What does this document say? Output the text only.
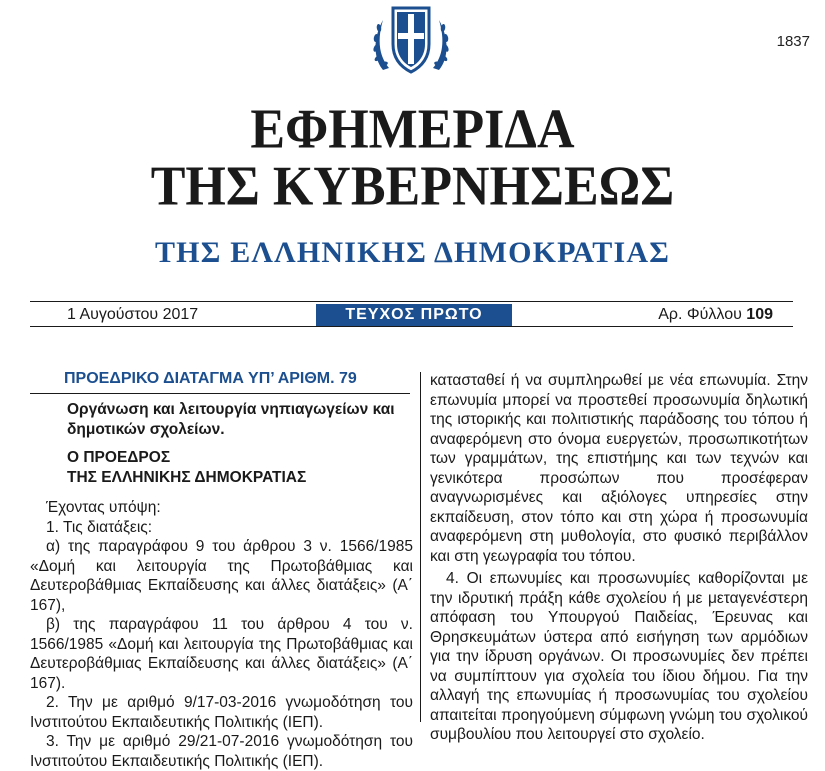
1837
ΕΦΗΜΕΡΙΔΑ
ΤΗΣ ΚΥΒΕΡΝΗΣΕΩΣ
ΤΗΣ ΕΛΛΗΝΙΚΗΣ ΔΗΜΟΚΡΑΤΙΑΣ
1 Αυγούστου 2017	ΤΕΥΧΟΣ ΠΡΩΤΟ	Αρ. Φύλλου 109
ΠΡΟΕΔΡΙΚΟ ΔΙΑΤΑΓΜΑ ΥΠ’ ΑΡΙΘΜ. 79
Οργάνωση και λειτουργία νηπιαγωγείων και δημοτικών σχολείων.
Ο ΠΡΟΕΔΡΟΣ
ΤΗΣ ΕΛΛΗΝΙΚΗΣ ΔΗΜΟΚΡΑΤΙΑΣ

Έχοντας υπόψη:

1. Τις διατάξεις:

α) της παραγράφου 9 του άρθρου 3 ν. 1566/1985 «Δομή και λειτουργία της Πρωτοβάθμιας και Δευτεροβάθμιας Εκπαίδευσης και άλλες διατάξεις» (Α΄ 167),

β) της παραγράφου 11 του άρθρου 4 του ν. 1566/1985 «Δομή και λειτουργία της Πρωτοβάθμιας και Δευτεροβάθμιας Εκπαίδευσης και άλλες διατάξεις» (Α΄ 167).

2. Την με αριθμό 9/17-03-2016 γνωμοδότηση του Ινστιτούτου Εκπαιδευτικής Πολιτικής (ΙΕΠ).

3. Την με αριθμό 29/21-07-2016 γνωμοδότηση του Ινστιτούτου Εκπαιδευτικής Πολιτικής (ΙΕΠ).

κατασταθεί ή να συμπληρωθεί με νέα επωνυμία. Στην επωνυμία μπορεί να προστεθεί προσωνυμία δηλωτική της ιστορικής και πολιτιστικής παράδοσης του τόπου ή αναφερόμενη στο όνομα ευεργετών, προσωπικοτήτων των γραμμάτων, της επιστήμης και των τεχνών και γενικότερα προσώπων που προσέφεραν αναγνωρισμένες και αξιόλογες υπηρεσίες στην εκπαίδευση, στον τόπο και στη χώρα ή προσωνυμία αναφερόμενη στη μυθολογία, στο φυσικό περιβάλλον και στη γεωγραφία του τόπου.

4. Οι επωνυμίες και προσωνυμίες καθορίζονται με την ιδρυτική πράξη κάθε σχολείου ή με μεταγενέστερη απόφαση του Υπουργού Παιδείας, Έρευνας και Θρησκευμάτων ύστερα από εισήγηση των αρμόδιων για την ίδρυση οργάνων. Οι προσωνυμίες δεν πρέπει να συμπίπτουν για σχολεία του ίδιου δήμου. Για την αλλαγή της επωνυμίας ή προσωνυμίας του σχολείου απαιτείται προηγούμενη σύμφωνη γνώμη του σχολικού συμβουλίου που λειτουργεί στο σχολείο.
